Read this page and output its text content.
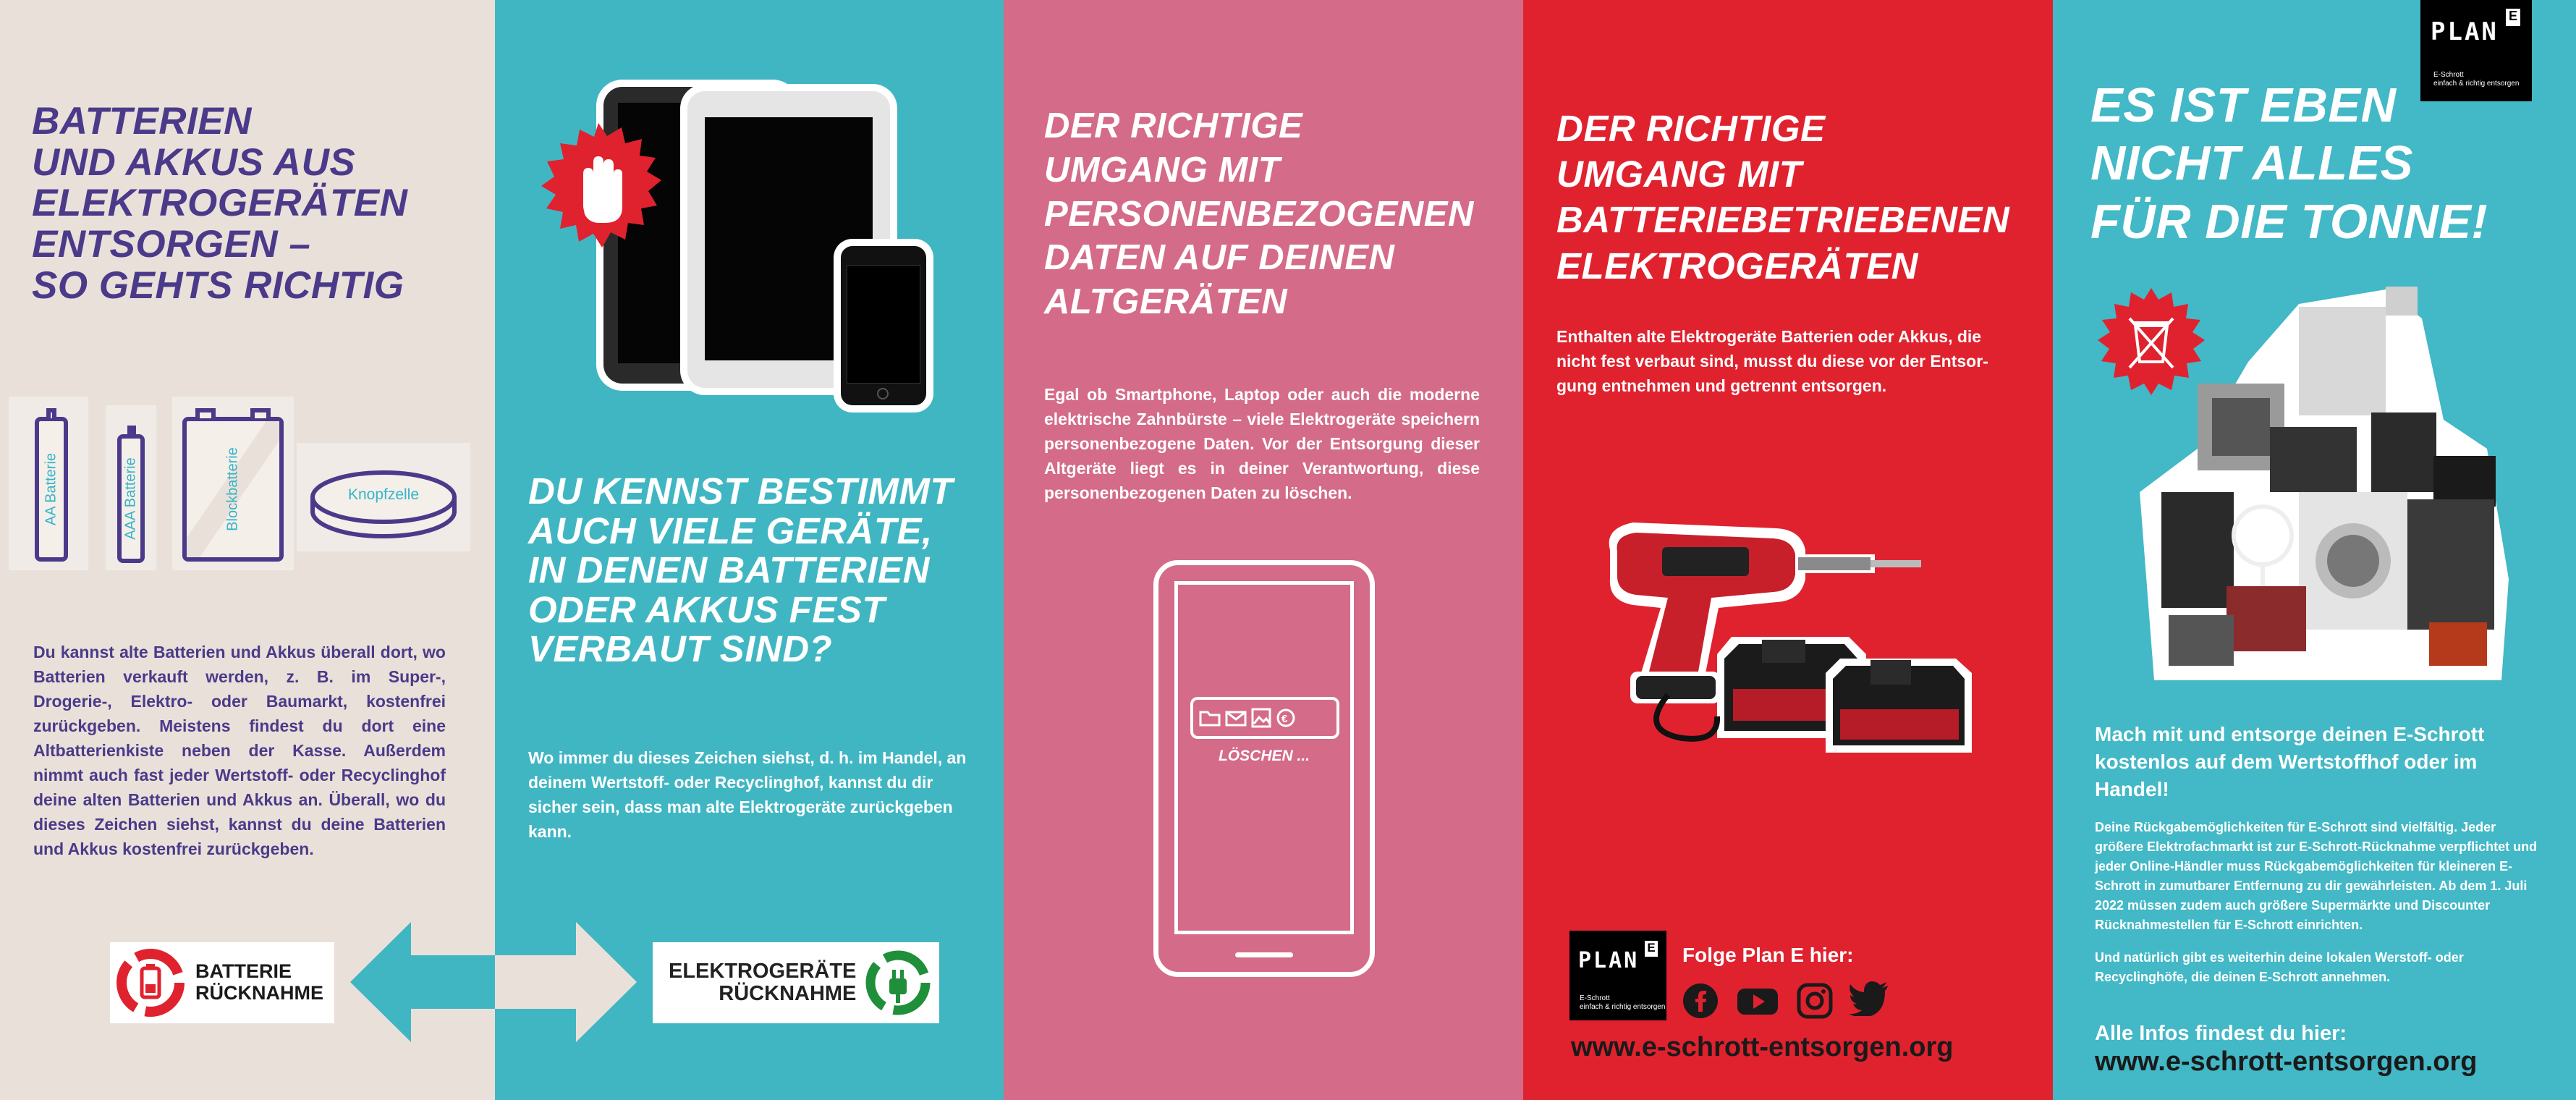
BATTERIEN
UND AKKUS AUS
ELEKTROGERÄTEN
ENTSORGEN –
SO GEHTS RICHTIG
AA Batterie	AAA Batterie	Blockbatterie	Knopfzelle
Du kannst alte Batterien und Akkus überall dort, wo Batterien verkauft werden, z. B. im Super-, Drogerie-, Elektro- oder Baumarkt, kostenfrei zurückgeben. Meistens findest du dort eine Altbatterienkiste neben der Kasse. Außerdem nimmt auch fast jeder Wertstoff- oder Recyclinghof deine alten Batterien und Akkus an. Überall, wo du dieses Zeichen siehst, kannst du deine Batterien und Akkus kostenfrei zurückgeben.
BATTERIE
RÜCKNAHME
DU KENNST BESTIMMT
AUCH VIELE GERÄTE,
IN DENEN BATTERIEN
ODER AKKUS FEST
VERBAUT SIND?
Wo immer du dieses Zeichen siehst, d. h. im Handel, an deinem Wertstoff- oder Recyclinghof, kannst du dir sicher sein, dass man alte Elektrogeräte zurückgeben kann.
ELEKTROGERÄTE
RÜCKNAHME
DER RICHTIGE
UMGANG MIT
PERSONENBEZOGENEN
DATEN AUF DEINEN
ALTGERÄTEN
Egal ob Smartphone, Laptop oder auch die moderne elektrische Zahnbürste – viele Elektrogeräte speichern personenbezogene Daten. Vor der Entsorgung dieser Altgeräte liegt es in deiner Verantwortung, diese personenbezogenen Daten zu löschen.
€
LÖSCHEN ...
DER RICHTIGE
UMGANG MIT
BATTERIEBETRIEBENEN
ELEKTROGERÄTEN
Enthalten alte Elektrogeräte Batterien oder Akkus, die nicht fest verbaut sind, musst du diese vor der Entsorgung entnehmen und getrennt entsorgen.
PLAN
E
E-Schrott
einfach & richtig entsorgen
Folge Plan E hier:
www.e-schrott-entsorgen.org
PLAN
E
E-Schrott
einfach & richtig entsorgen
ES IST EBEN
NICHT ALLES
FÜR DIE TONNE!
Mach mit und entsorge deinen E-Schrott kostenlos auf dem Wertstoffhof oder im Handel!
Deine Rückgabemöglichkeiten für E-Schrott sind vielfältig. Jeder größere Elektrofachmarkt ist zur E-Schrott-Rücknahme verpflichtet und jeder Online-Händler muss Rückgabemöglichkeiten für kleineren E-Schrott in zumutbarer Entfernung zu dir gewährleisten. Ab dem 1. Juli 2022 müssen zudem auch größere Supermärkte und Discounter Rücknahmestellen für E-Schrott einrichten.
Und natürlich gibt es weiterhin deine lokalen Werstoff- oder Recyclinghöfe, die deinen E-Schrott annehmen.
Alle Infos findest du hier:
www.e-schrott-entsorgen.org
